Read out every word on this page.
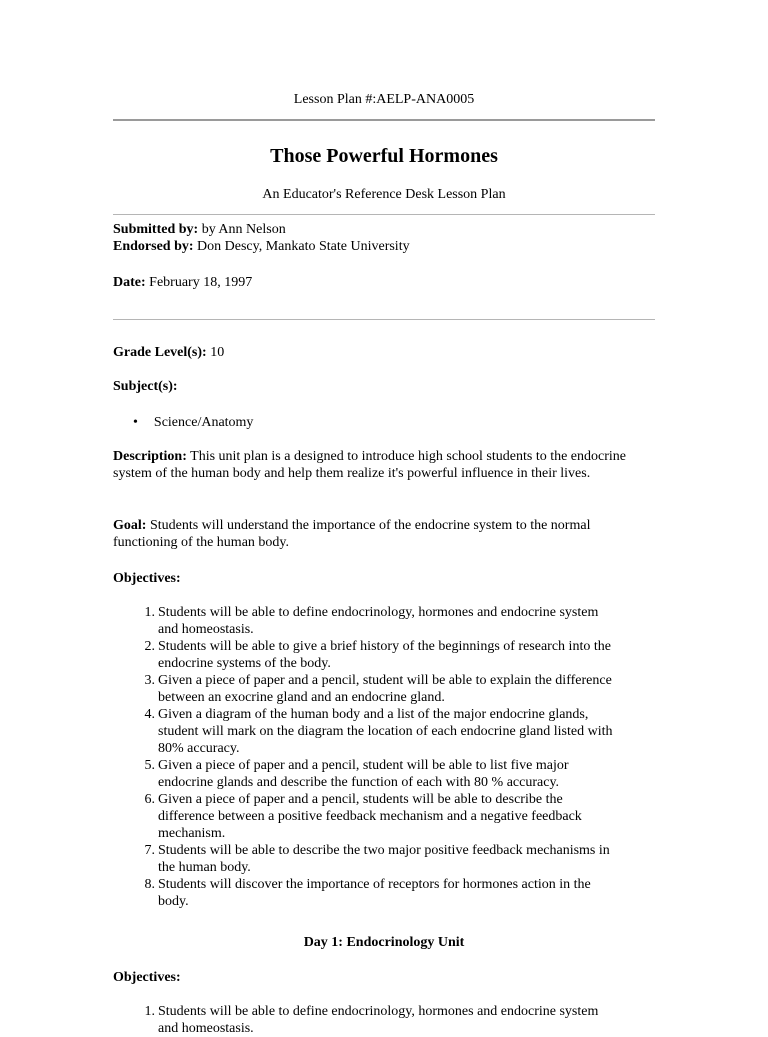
Lesson Plan #:AELP-ANA0005
Those Powerful Hormones
An Educator's Reference Desk Lesson Plan
Submitted by: by Ann Nelson
Endorsed by: Don Descy, Mankato State University
Date: February 18, 1997
Grade Level(s): 10
Subject(s):
• Science/Anatomy
Description: This unit plan is a designed to introduce high school students to the endocrine system of the human body and help them realize it's powerful influence in their lives.
Goal: Students will understand the importance of the endocrine system to the normal functioning of the human body.
Objectives:
1. Students will be able to define endocrinology, hormones and endocrine system
and homeostasis.
2. Students will be able to give a brief history of the beginnings of research into the
endocrine systems of the body.
3. Given a piece of paper and a pencil, student will be able to explain the difference
between an exocrine gland and an endocrine gland.
4. Given a diagram of the human body and a list of the major endocrine glands,
student will mark on the diagram the location of each endocrine gland listed with
80% accuracy.
5. Given a piece of paper and a pencil, student will be able to list five major
endocrine glands and describe the function of each with 80 % accuracy.
6. Given a piece of paper and a pencil, students will be able to describe the
difference between a positive feedback mechanism and a negative feedback
mechanism.
7. Students will be able to describe the two major positive feedback mechanisms in
the human body.
8. Students will discover the importance of receptors for hormones action in the
body.
Day 1: Endocrinology Unit
Objectives:
1. Students will be able to define endocrinology, hormones and endocrine system
and homeostasis.
